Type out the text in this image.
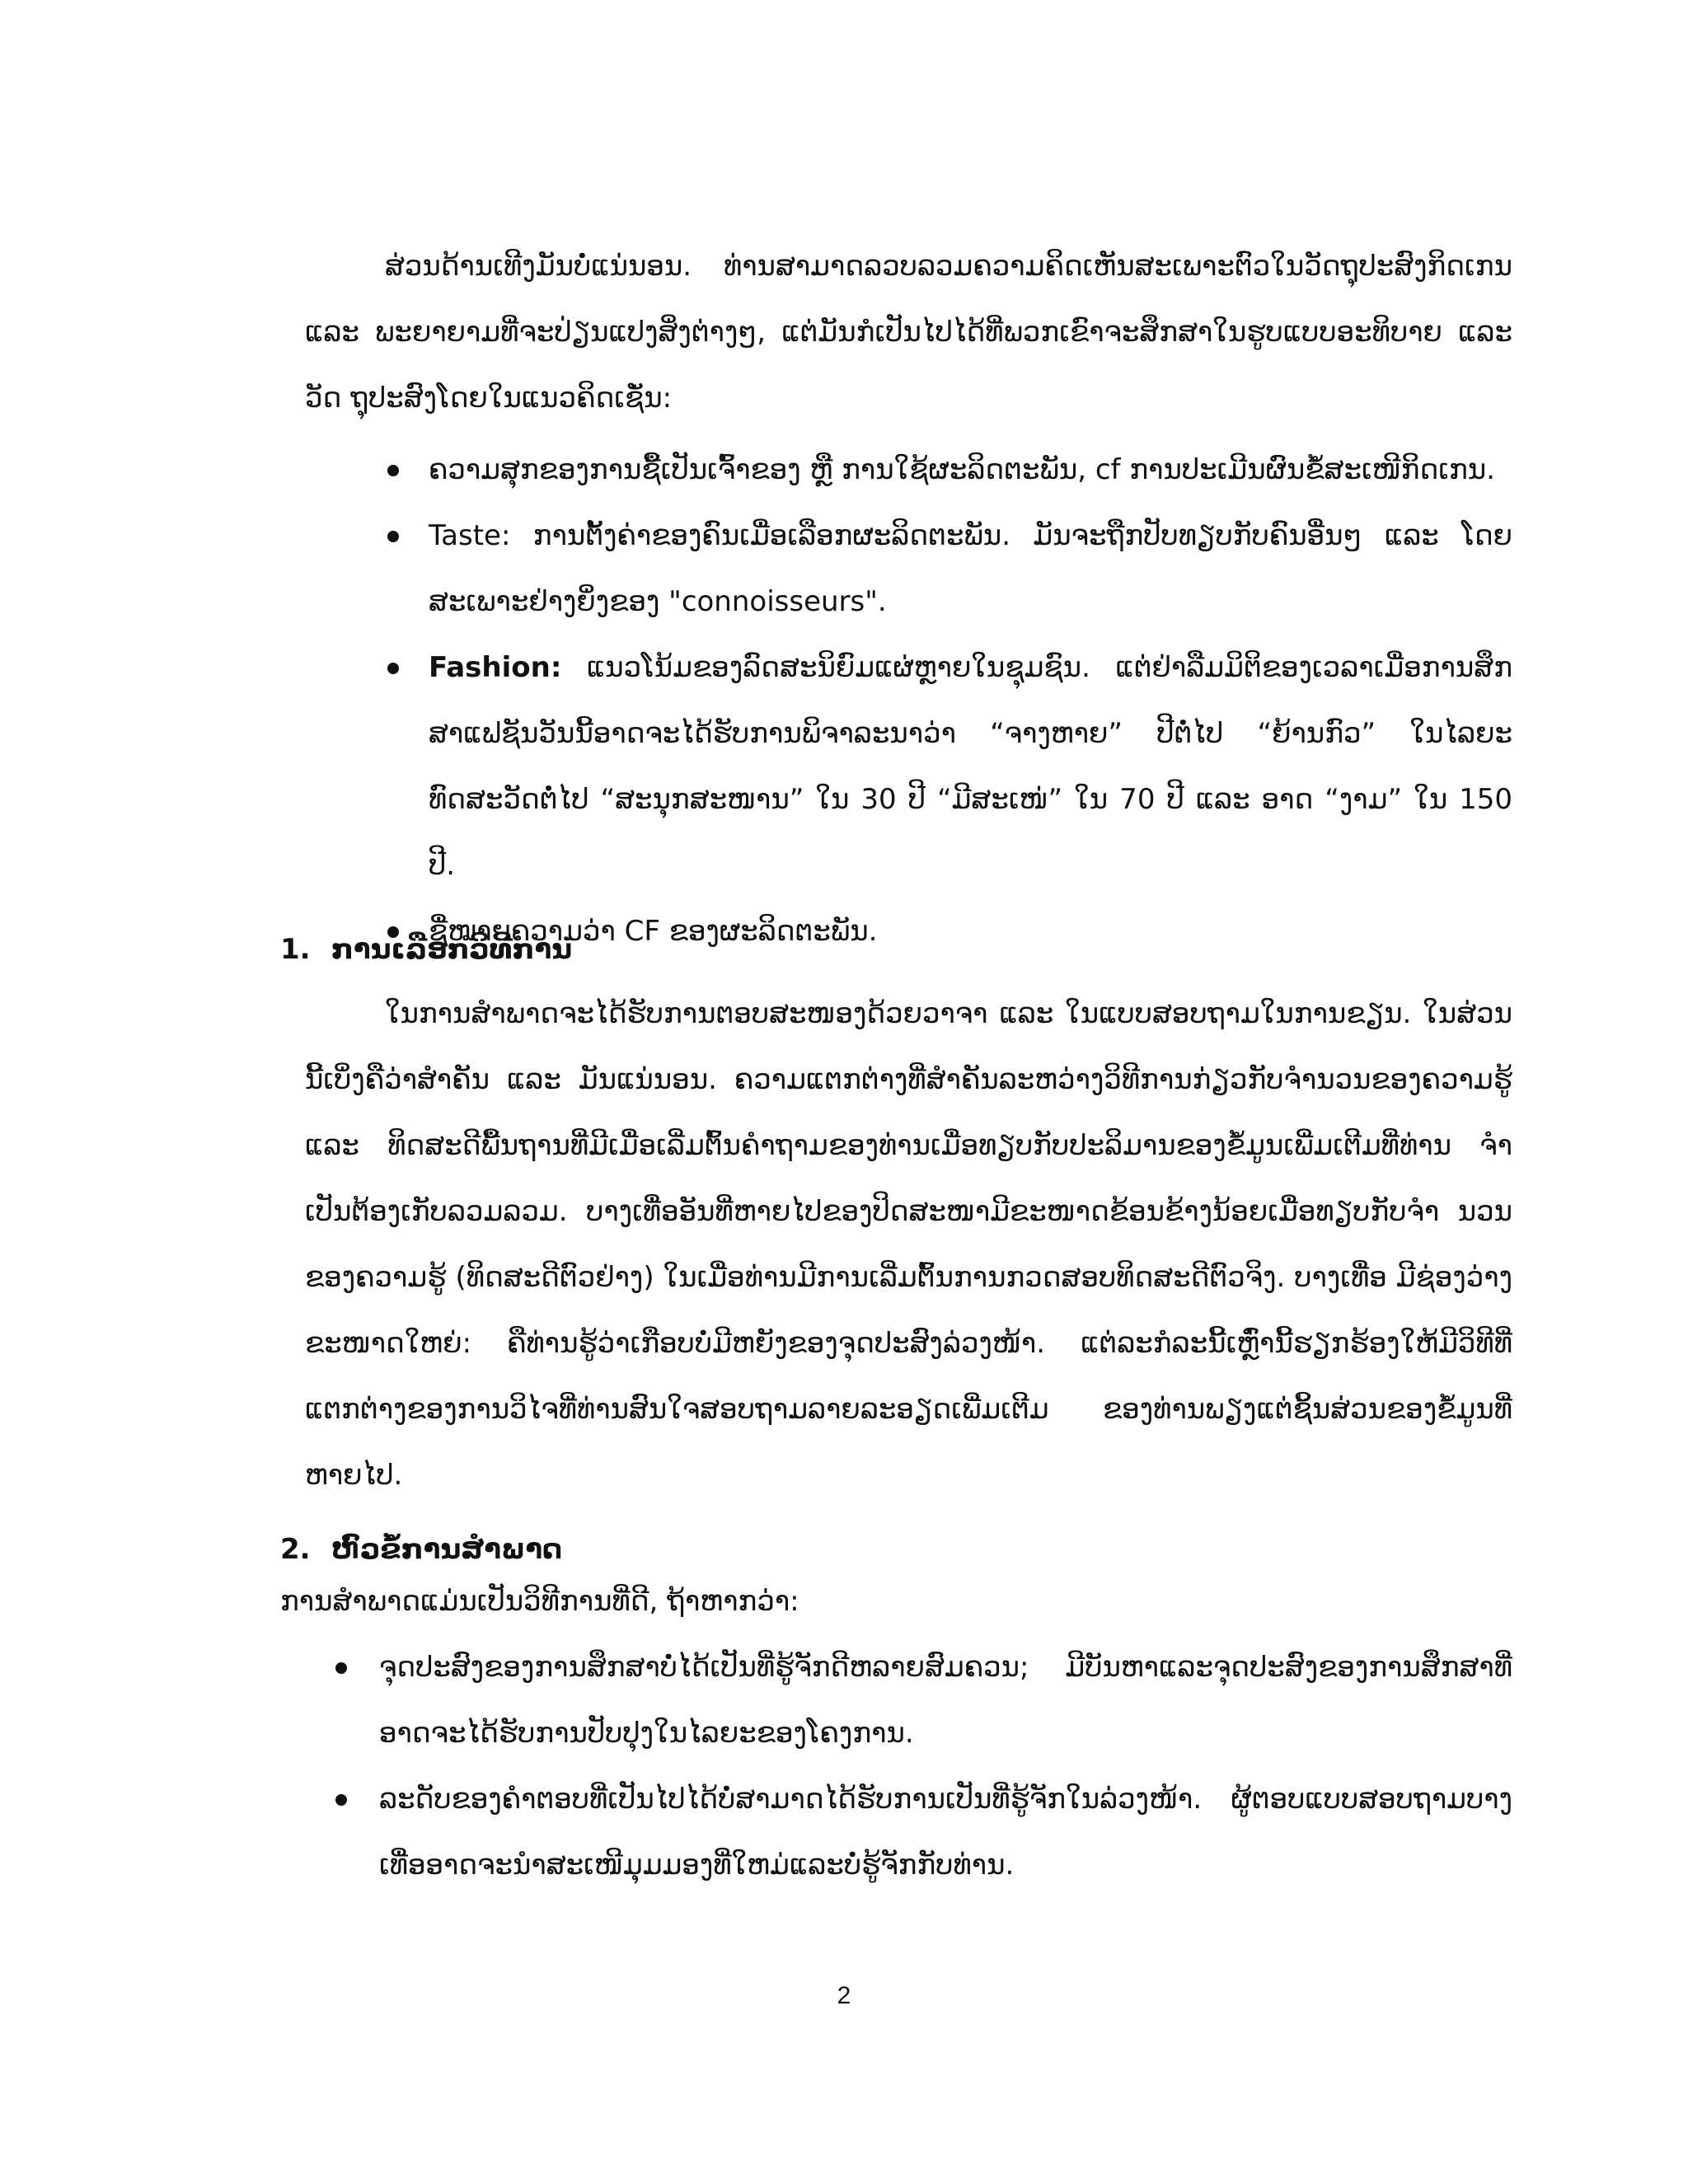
ສ່ວນດ້ານເທີງມັນບໍ່ແນ່ນອນ. ທ່ານສາມາດລວບລວມຄວາມຄິດເຫັນສະເພາະຕົວໃນວັດຖຸປະສົງກິດເກນ ແລະ ພະຍາຍາມທີ່ຈະປ່ຽນແປງສິ່ງຕ່າງໆ, ແຕ່ມັນກໍເປັນໄປໄດ້ທີ່ພວກເຂົາຈະສຶກສາໃນຮູບແບບອະທິບາຍ ແລະ ວັດ ຖຸປະສົງໂດຍໃນແນວຄິດເຊັ່ນ:

ຄວາມສຸກຂອງການຊື້ເປັນເຈົ້າຂອງ ຫຼື ການໃຊ້ຜະລິດຕະພັນ, cf ການປະເມີນຜົນຂໍ້ສະເໜີກິດເກນ.
Taste: ການຕັ້ງຄ່າຂອງຄົນເມື່ອເລືອກຜະລິດຕະພັນ. ມັນຈະຖືກປັບທຽບກັບຄົນອື່ນໆ ແລະ ໂດຍສະເພາະຢ່າງຍິ່ງຂອງ "connoisseurs".
Fashion: ແນວໂນ້ມຂອງລົດສະນິຍົມແຜ່ຫຼາຍໃນຊຸມຊົນ. ແຕ່ຢ່າລືມມິຕິຂອງເວລາເມື່ອການສຶກສາແຟຊັນວັນນີ້ອາດຈະໄດ້ຮັບການພິຈາລະນາວ່າ “ຈາງຫາຍ” ປີຕໍ່ໄປ “ຍ້ານກົວ” ໃນໄລຍະທົດສະວັດຕໍ່ໄປ “ສະນຸກສະໜານ” ໃນ 30 ປີ “ມີສະເໜ່” ໃນ 70 ປີ ແລະ ອາດ “ງາມ” ໃນ 150 ປີ.
ຊື່ໝາຍຄວາມວ່າ CF ຂອງຜະລິດຕະພັນ.
1. ການເລືອກວິທີການ

ໃນການສໍາພາດຈະໄດ້ຮັບການຕອບສະໜອງດ້ວຍວາຈາ ແລະ ໃນແບບສອບຖາມໃນການຂຽນ. ໃນສ່ວນນີ້ເບິ່ງຄືວ່າສໍາຄັນ ແລະ ມັນແນ່ນອນ. ຄວາມແຕກຕ່າງທີ່ສໍາຄັນລະຫວ່າງວິທີການກ່ຽວກັບຈໍານວນຂອງຄວາມຮູ້ແລະ ທິດສະດີພື້ນຖານທີ່ມີເມື່ອເລີ່ມຕົ້ນຄໍາຖາມຂອງທ່ານເມື່ອທຽບກັບປະລິມານຂອງຂໍ້ມູນເພີ່ມເຕີມທີ່ທ່ານ ຈໍາເປັນຕ້ອງເກັບລວມລວມ. ບາງເທື່ອອັນທີ່ຫາຍໄປຂອງປິດສະໜາມີຂະໜາດຂ້ອນຂ້າງນ້ອຍເມື່ອທຽບກັບຈໍາ ນວນຂອງຄວາມຮູ້ (ທິດສະດີຕົວຢ່າງ) ໃນເມື່ອທ່ານມີການເລີ່ມຕົ້ນການກວດສອບທິດສະດີຕົວຈິງ. ບາງເທື່ອ ມີຊ່ອງວ່າງຂະໜາດໃຫຍ່: ຄືທ່ານຮູ້ວ່າເກືອບບໍ່ມີຫຍັງຂອງຈຸດປະສົງລ່ວງໜ້າ. ແຕ່ລະກໍລະນີ້ເຫຼົ່ານີ້ຮຽກຮ້ອງໃຫ້ມີວິທີທີ່ແຕກຕ່າງຂອງການວິໄຈທີ່ທ່ານສົນໃຈສອບຖາມລາຍລະອຽດເພີ່ມເຕີມ ຂອງທ່ານພຽງແຕ່ຊິ້ນສ່ວນຂອງຂໍ້ມູນທີ່ຫາຍໄປ.

2. ຫົວຂໍ້ການສໍາພາດ

ການສໍາພາດແມ່ນເປັນວິທີການທີ່ດີ, ຖ້າຫາກວ່າ:

ຈຸດປະສົງຂອງການສຶກສາບໍ່ໄດ້ເປັນທີ່ຮູ້ຈັກດີຫລາຍສົມຄວນ; ມີບັນຫາແລະຈຸດປະສົງຂອງການສຶກສາທີ່ອາດຈະໄດ້ຮັບການປັບປຸງໃນໄລຍະຂອງໂຄງການ.
ລະດັບຂອງຄໍາຕອບທີ່ເປັນໄປໄດ້ບໍ່ສາມາດໄດ້ຮັບການເປັນທີ່ຮູ້ຈັກໃນລ່ວງໜ້າ. ຜູ້ຕອບແບບສອບຖາມບາງເທື່ອອາດຈະນໍາສະເໜີມຸມມອງທີ່ໃຫມ່ແລະບໍ່ຮູ້ຈັກກັບທ່ານ.
2
